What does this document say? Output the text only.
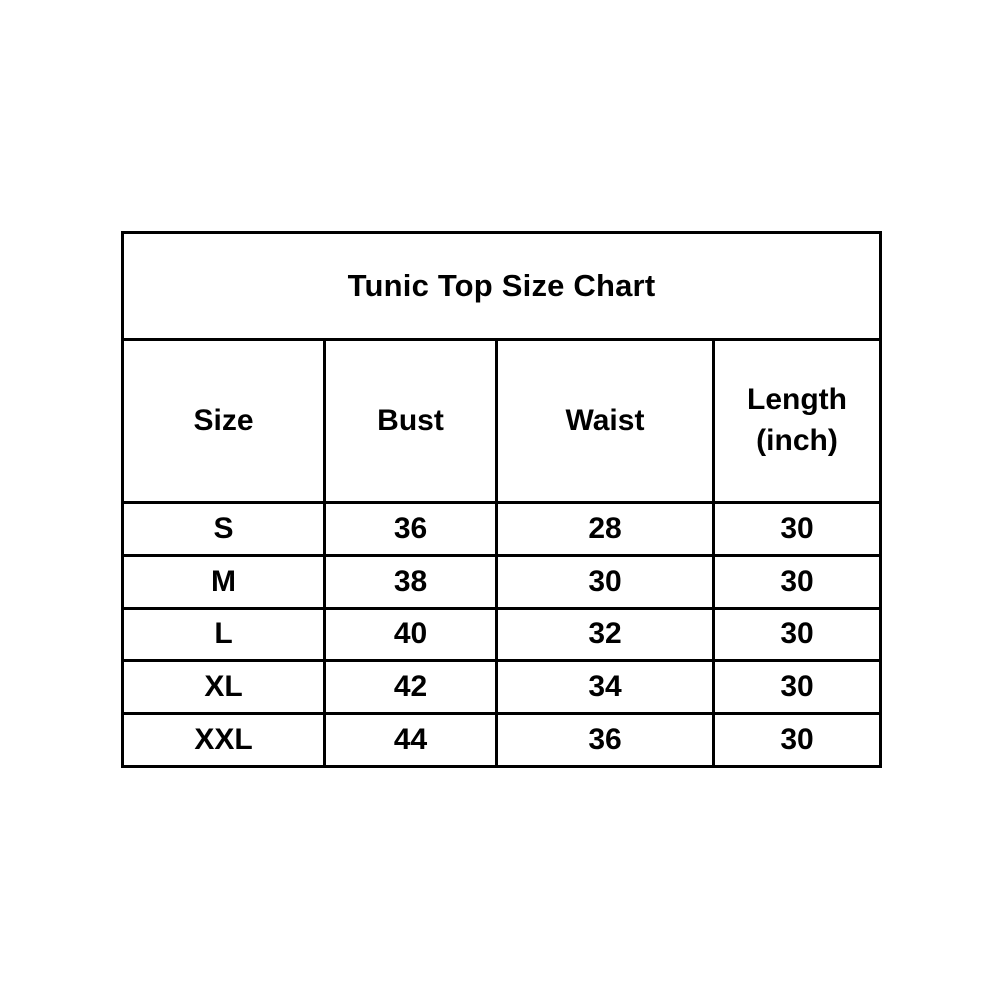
Tunic Top Size Chart			
Size	Bust	Waist	Length (inch)
S	36	28	30
M	38	30	30
L	40	32	30
XL	42	34	30
XXL	44	36	30
